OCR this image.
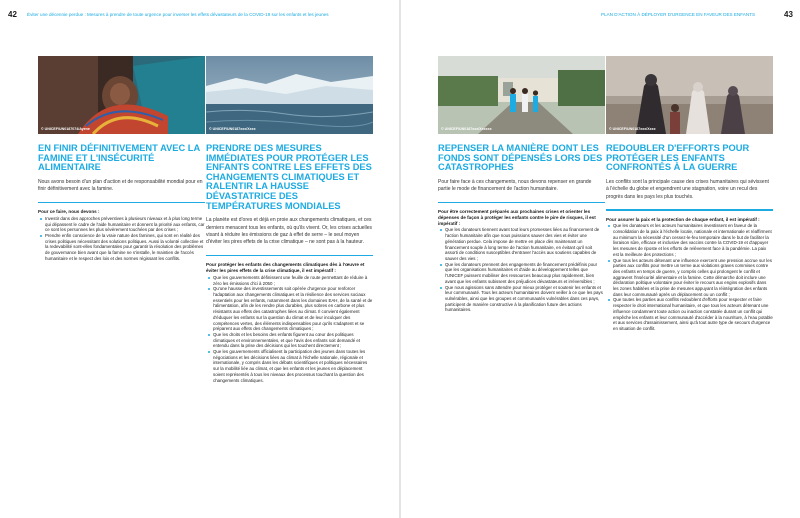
42 Éviter une décennie perdue : Mesures à prendre de toute urgence pour inverser les effets dévastateurs de la COVID-19 sur les enfants et les jeunes
© UNICEF/UN0187074/Ayene
EN FINIR DÉFINITIVEMENT AVEC LA FAMINE ET L'INSÉCURITÉ ALIMENTAIRE
Nous avons besoin d'un plan d'action et de responsabilité mondial pour en finir définitivement avec la famine.
Pour ce faire, nous devons :
Investir dans des approches préventives à plusieurs niveaux et à plus long terme qui dépassent le cadre de l'aide humanitaire et donnent la priorité aux enfants, car ce sont les personnes les plus sévèrement touchées par des crises ;
Prendre enfin conscience de la vraie nature des famines, qui sont en réalité des crises politiques nécessitant des solutions politiques. Aussi la volonté collective et la redevabilité sont-elles fondamentales pour garantir la résolution des problèmes de gouvernance bien avant que la famine ne s'installe, le maintien de l'accès humanitaire et le respect des lois et des normes régissant les conflits.
© UNICEF/UN0187xxx/Xxxx
PRENDRE DES MESURES IMMÉDIATES POUR PROTÉGER LES ENFANTS CONTRE LES EFFETS DES CHANGEMENTS CLIMATIQUES ET RALENTIR LA HAUSSE DÉVASTATRICE DES TEMPÉRATURES MONDIALES
La planète est d'ores et déjà en proie aux changements climatiques, et ces derniers menacent tous les enfants, où qu'ils vivent. Or, les crises actuelles visant à réduire les émissions de gaz à effet de serre – le seul moyen d'éviter les pires effets de la crise climatique – ne sont pas à la hauteur.
Pour protéger les enfants des changements climatiques dès à l'œuvre et éviter les pires effets de la crise climatique, il est impératif :
Que les gouvernements définissent une feuille de route permettant de réduire à zéro les émissions d'ici à 2050 ;
Qu'une hausse des investissements soit opérée d'urgence pour renforcer l'adaptation aux changements climatiques et la résilience des services sociaux essentiels pour les enfants, notamment dans les domaines EAH, de la santé et de l'alimentation, afin de les rendre plus durables, plus sobres en carbone et plus résistants aux effets des catastrophes liées au climat. Il convient également d'éduquer les enfants sur la question du climat et de leur inculquer des compétences vertes, des éléments indispensables pour qu'ils s'adaptent et se préparent aux effets des changements climatiques ;
Que les droits et les besoins des enfants figurent au cœur des politiques climatiques et environnementales, et que l'avis des enfants soit demandé et entendu dans la prise des décisions qui les touchent directement ;
Que les gouvernements officialisent la participation des jeunes dans toutes les négociations et les décisions liées au climat à l'échelle nationale, régionale et internationale, y compris dans les débats scientifiques et politiques nécessaires sur la mobilité liée au climat, et que les enfants et les jeunes en déplacement soient représentés à tous les niveaux des processus touchant la question des changements climatiques.
PLAN D'ACTION À DÉPLOYER D'URGENCE EN FAVEUR DES ENFANTS	43
© UNICEF/UN0187xxx/Xxxxxx
REPENSER LA MANIÈRE DONT LES FONDS SONT DÉPENSÉS LORS DES CATASTROPHES
Pour faire face à ces changements, nous devons repenser en grande partie le mode de financement de l'action humanitaire.
Pour être correctement préparés aux prochaines crises et orienter les dépenses de façon à protéger les enfants contre le pire de risques, il est impératif :
Que les donateurs tiennent avant tout leurs promesses liées au financement de l'action humanitaire afin que nous puissions sauver des vies et éviter une génération perdue. Cela impose de mettre en place dès maintenant un financement souple à long terme de l'action humanitaire, en évitant qu'il soit assorti de conditions susceptibles d'entraver l'accès aux soutiens capables de sauver des vies ;
Que les donateurs prennent des engagements de financement prédéfinis pour que les organisations humanitaires et d'aide au développement telles que l'UNICEF puissent mobiliser des ressources beaucoup plus rapidement, bien avant que les enfants subissent des préjudices dévastateurs et irréversibles ;
Que nous agissions sans attendre pour mieux protéger et soutenir les enfants et leur communauté. Tous les acteurs humanitaires doivent veiller à ce que les pays vulnérables, ainsi que les groupes et communautés vulnérables dans ces pays, participent de manière constructive à la planification future des actions humanitaires.
© UNICEF/UN0187xxx/Xxxx
REDOUBLER D'EFFORTS POUR PROTÉGER LES ENFANTS CONFRONTÉS À LA GUERRE
Les conflits sont la principale cause des crises humanitaires qui sévissent à l'échelle du globe et engendrent une stagnation, voire un recul des progrès dans les pays les plus touchés.
Pour assurer la paix et la protection de chaque enfant, il est impératif :
Que les donateurs et les acteurs humanitaires investissent en faveur de la consolidation de la paix à l'échelle locale, nationale et internationale et réaffirment au minimum la nécessité d'un cessez-le-feu temporaire dans le but de faciliter la livraison sûre, efficace et inclusive des vaccins contre la COVID-19 et d'appuyer les mesures de riposte et les efforts de relèvement face à la pandémie. La paix est la meilleure des protections ;
Que tous les acteurs détenant une influence exercent une pression accrue sur les parties aux conflits pour mettre un terme aux violations graves commises contre des enfants en temps de guerre, y compris celles qui prolongent le conflit et aggravent l'insécurité alimentaire et la famine. Cette démarche doit inclure une déclaration politique volontaire pour éviter le recours aux engins explosifs dans les zones habitées et la prise de mesures appuyant la réintégration des enfants dans leur communauté après un déplacement ou un conflit ;
Que toutes les parties aux conflits redoublent d'efforts pour respecter et faire respecter le droit international humanitaire, et que tous les acteurs détenant une influence condamnent toute action ou inaction constatée durant un conflit qui empêche les enfants et leur communauté d'accéder à la nourriture, à l'eau potable et aux services d'assainissement, ainsi qu'à tout autre type de secours d'urgence en situation de conflit.
